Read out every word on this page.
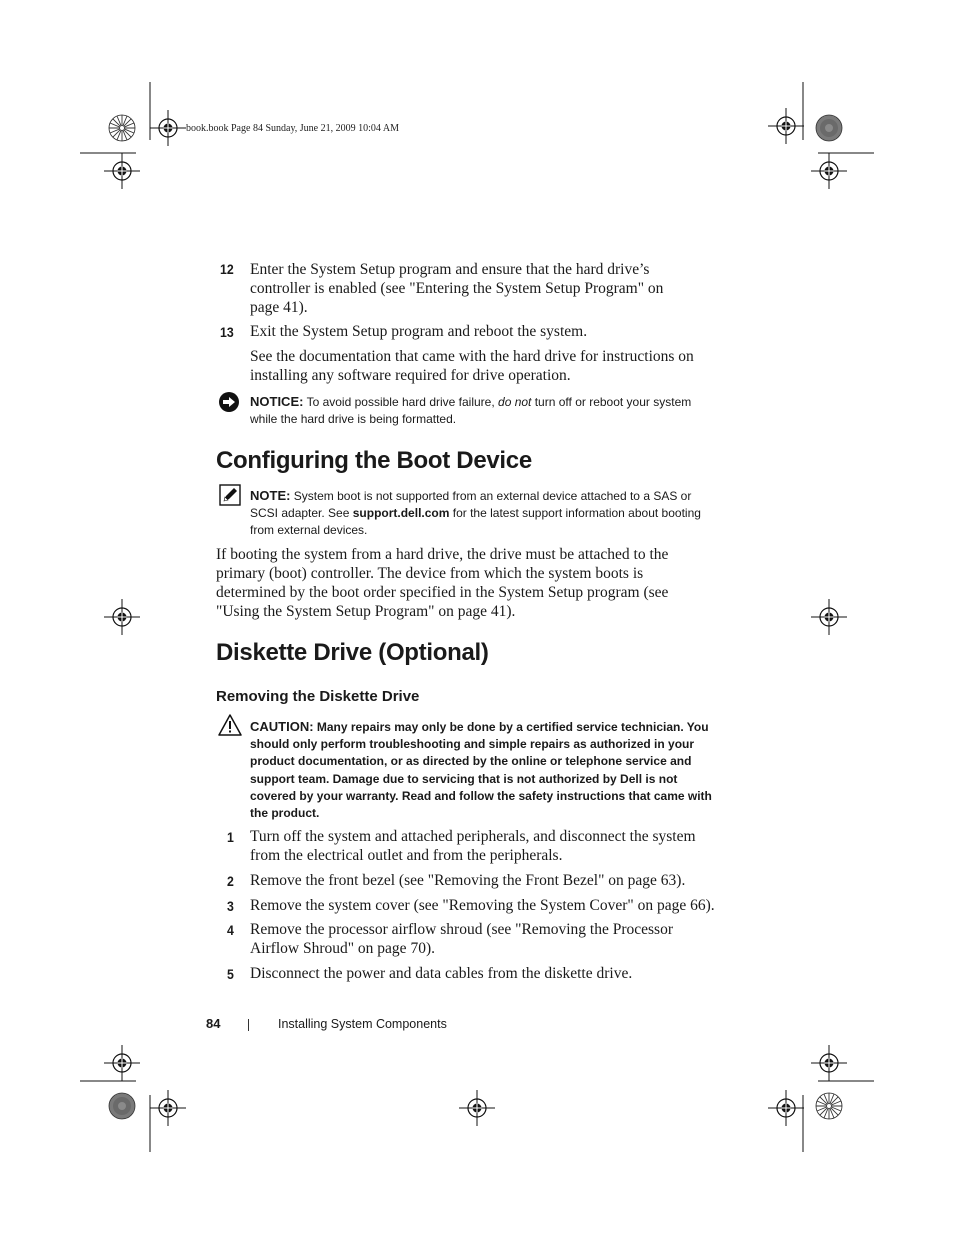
book.book Page 84 Sunday, June 21, 2009 10:04 AM
12 Enter the System Setup program and ensure that the hard drive’s controller is enabled (see "Entering the System Setup Program" on page 41).
13 Exit the System Setup program and reboot the system.
See the documentation that came with the hard drive for instructions on installing any software required for drive operation.
NOTICE: To avoid possible hard drive failure, do not turn off or reboot your system while the hard drive is being formatted.
Configuring the Boot Device
NOTE: System boot is not supported from an external device attached to a SAS or SCSI adapter. See support.dell.com for the latest support information about booting from external devices.
If booting the system from a hard drive, the drive must be attached to the primary (boot) controller. The device from which the system boots is determined by the boot order specified in the System Setup program (see "Using the System Setup Program" on page 41).
Diskette Drive (Optional)
Removing the Diskette Drive
CAUTION: Many repairs may only be done by a certified service technician. You should only perform troubleshooting and simple repairs as authorized in your product documentation, or as directed by the online or telephone service and support team. Damage due to servicing that is not authorized by Dell is not covered by your warranty. Read and follow the safety instructions that came with the product.
1 Turn off the system and attached peripherals, and disconnect the system from the electrical outlet and from the peripherals.
2 Remove the front bezel (see "Removing the Front Bezel" on page 63).
3 Remove the system cover (see "Removing the System Cover" on page 66).
4 Remove the processor airflow shroud (see "Removing the Processor Airflow Shroud" on page 70).
5 Disconnect the power and data cables from the diskette drive.
84	Installing System Components
